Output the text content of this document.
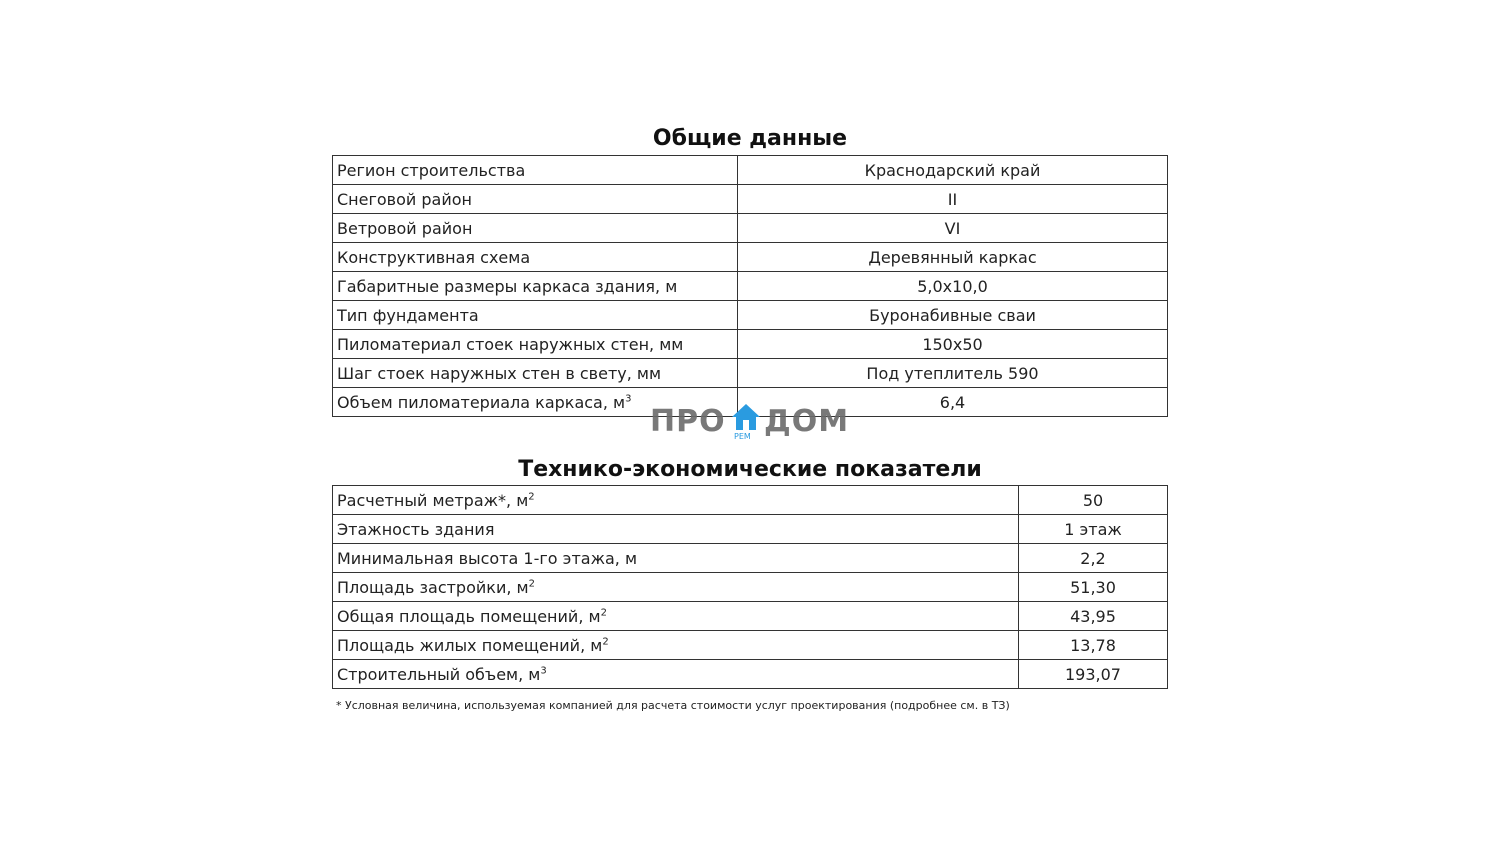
Общие данные
Регион строительства	Краснодарский край
Снеговой район	II
Ветровой район	VI
Конструктивная схема	Деревянный каркас
Габаритные размеры каркаса здания, м	5,0х10,0
Тип фундамента	Буронабивные сваи
Пиломатериал стоек наружных стен, мм	150х50
Шаг стоек наружных стен в свету, мм	Под утеплитель 590
Объем пиломатериала каркаса, $м^3$	6,4
ПРО ДОМ
РЕМ
Технико-экономические показатели
Расчетный метраж*, $м^2$	50
Этажность здания	1 этаж
Минимальная высота 1-го этажа, м	2,2
Площадь застройки, $м^2$	51,30
Общая площадь помещений, $м^2$	43,95
Площадь жилых помещений, $м^2$	13,78
Строительный объем, $м^3$	193,07
* Условная величина, используемая компанией для расчета стоимости услуг проектирования (подробнее см. в ТЗ)
